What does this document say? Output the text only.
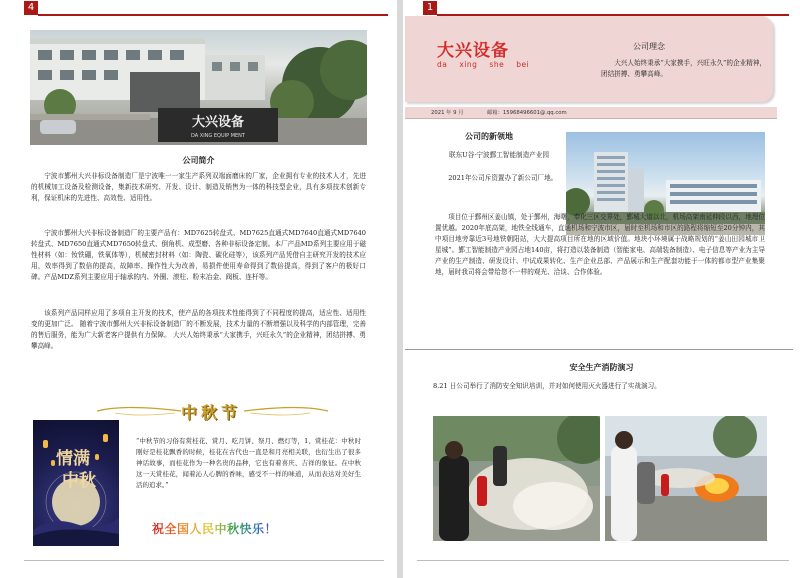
4
大兴设备
DA XING EQUIP MENT
公司简介

宁波市鄞州大兴非标设备制造厂是宁波唯一一家生产系列双端面磨床的厂家，企业拥有专业的技术人才，先进的机械加工设备及检测设备，集新技术研究、开发、设计、制造及销售为一体的科技型企业，具有多项技术创新专利，保证机床的先进性、高效性、适用性。

宁波市鄞州大兴非标设备制造厂的主要产品有：MD7625转盘式、MD7625直通式MD7640直通式MD7640转盘式、MD7650直通式MD7650转盘式、倒角机、成型磨、各种非标设备定制。本厂产品MD系列主要应用于磁性材料（如：钕铁硼，铁氧体等），机械密封材料（如：陶瓷、碳化硅等），该系列产品凭借自主研究开发的技术应用，效率得到了数倍的提高，故障率、操作性大为改善，易损件使用寿命得到了数倍提高，得到了客户的极好口碑。产品MDZ系列主要应用于轴承的内、外圈、滚柱、粉末冶金、阀板、连杆等。

该系列产品同样应用了多项自主开发的技术，使产品的各项技术性能得到了不同程度的提高，适应性、适用性变的更加广泛。 随着宁波市鄞州大兴非标设备制造厂的不断发展，技术力量的不断增强以及科学的内部管理，完善的售后服务，能为广大新老客户提供有力保障。 大兴人始终秉承“大家携手，兴旺永久”的企业精神，团结拼搏、勇攀高峰。

中秋节
情满
中秋

“中秋节的习俗有赏桂花、赏月、吃月饼、祭月、燃灯等，1、赏桂花：中秋时刚好是桂花飘香的时候，桂花在古代也一直是和月亮相关联，也衍生出了很多神话故事，而桂花作为一种名贵的品种，它也有着喜庆、吉祥的象征。在中秋这一天赏桂花，闻着沁人心脾的香味，感受不一样的味道，从而表达对美好生活的追求。”

祝全国人民中秋快乐！
1
大兴设备
da xing she bei
公司理念

大兴人始终秉承“大家携手，兴旺永久”的企业精神，团结拼搏、勇攀高峰。

2021 年 9 月	邮箱：15968496601@.qq.com
公司的新领地

联东U谷·宁波鄞工智能制造产业园

2021年公司斥资置办了新公司厂地。

项目位于鄞州区姜山镇，处于鄞州，海曙，奉化三区交界处，鄞城大道以北，机场高架南延伸段以西，地理位置优越。2020年底高架，地铁全线通车，直通机场和宁波市区，届时至机场和市区的路程将缩短至20分钟内，其中项目地旁靠近3号地铁朝阳站，大大提高项目所在地的区域价值。地块小环境属于战略规划的“姜山田园城市卫星城”。鄞工智能制造产业园占地140亩，将打造以装备制造（智能家电、高端装备制造）、电子信息等产业为主导产业的生产制造、研发设计、中试成果转化、生产企业总部、产品展示和生产配套功能于一体的都市型产业集聚地，届时我司将会带给您不一样的观光、洽谈、合作体验。

安全生产消防演习

8.21 日公司举行了消防安全知识培训，并对如何使用灭火器进行了实战演习。
